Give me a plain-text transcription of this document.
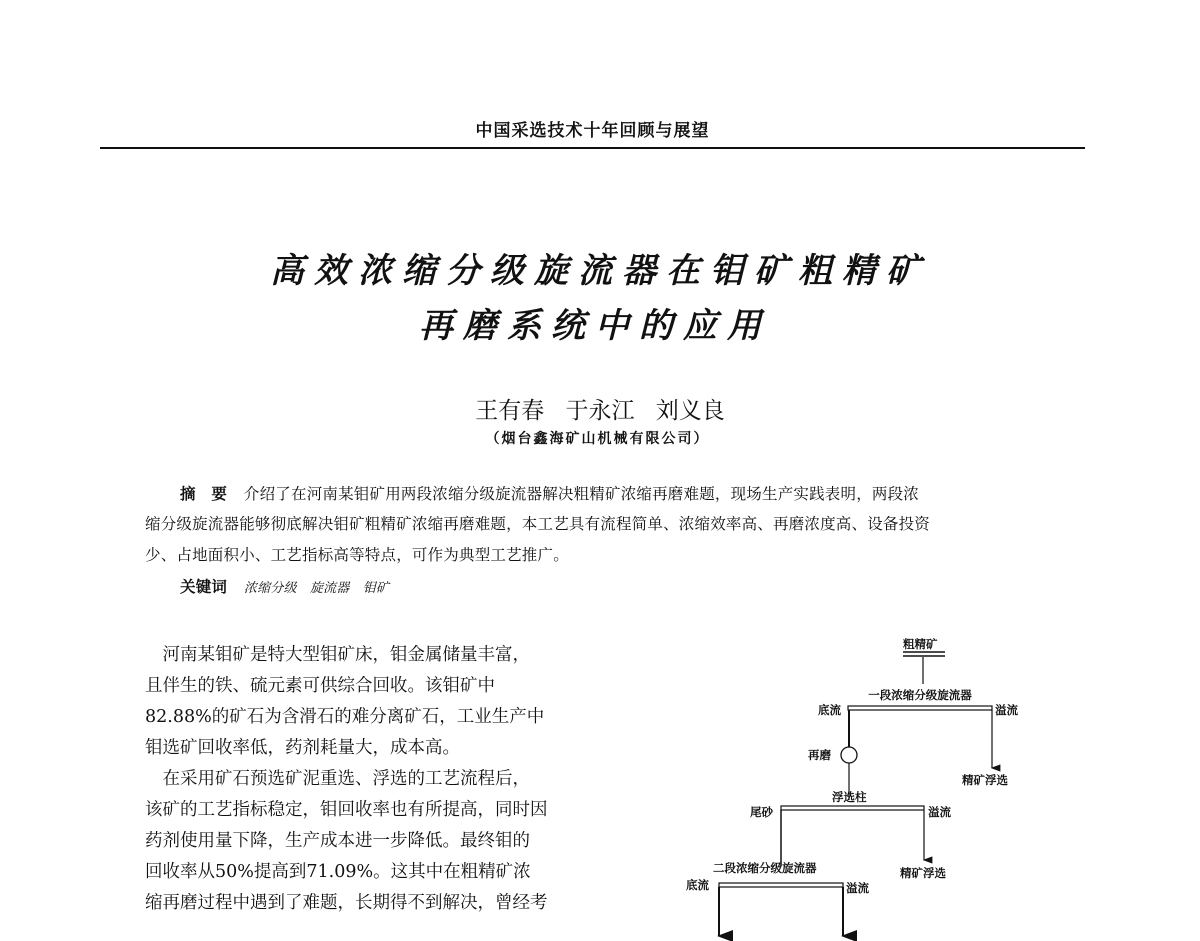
中国采选技术十年回顾与展望
高效浓缩分级旋流器在钼矿粗精矿
再磨系统中的应用
王有春 于永江 刘义良
（烟台鑫海矿山机械有限公司）
摘　要 介绍了在河南某钼矿用两段浓缩分级旋流器解决粗精矿浓缩再磨难题，现场生产实践表明，两段浓
缩分级旋流器能够彻底解决钼矿粗精矿浓缩再磨难题，本工艺具有流程简单、浓缩效率高、再磨浓度高、设备投资
少、占地面积小、工艺指标高等特点，可作为典型工艺推广。
关键词 浓缩分级　旋流器　钼矿
　河南某钼矿是特大型钼矿床，钼金属储量丰富，
且伴生的铁、硫元素可供综合回收。该钼矿中
82.88%的矿石为含滑石的难分离矿石，工业生产中
钼选矿回收率低，药剂耗量大，成本高。
　在采用矿石预选矿泥重选、浮选的工艺流程后，
该矿的工艺指标稳定，钼回收率也有所提高，同时因
药剂使用量下降，生产成本进一步降低。最终钼的
回收率从50%提高到71.09%。这其中在粗精矿浓
缩再磨过程中遇到了难题，长期得不到解决，曾经考
粗精矿
一段浓缩分级旋流器
底流	溢流
再磨
精矿浮选
浮选柱
尾砂	溢流
精矿浮选
二段浓缩分级旋流器
底流	溢流
